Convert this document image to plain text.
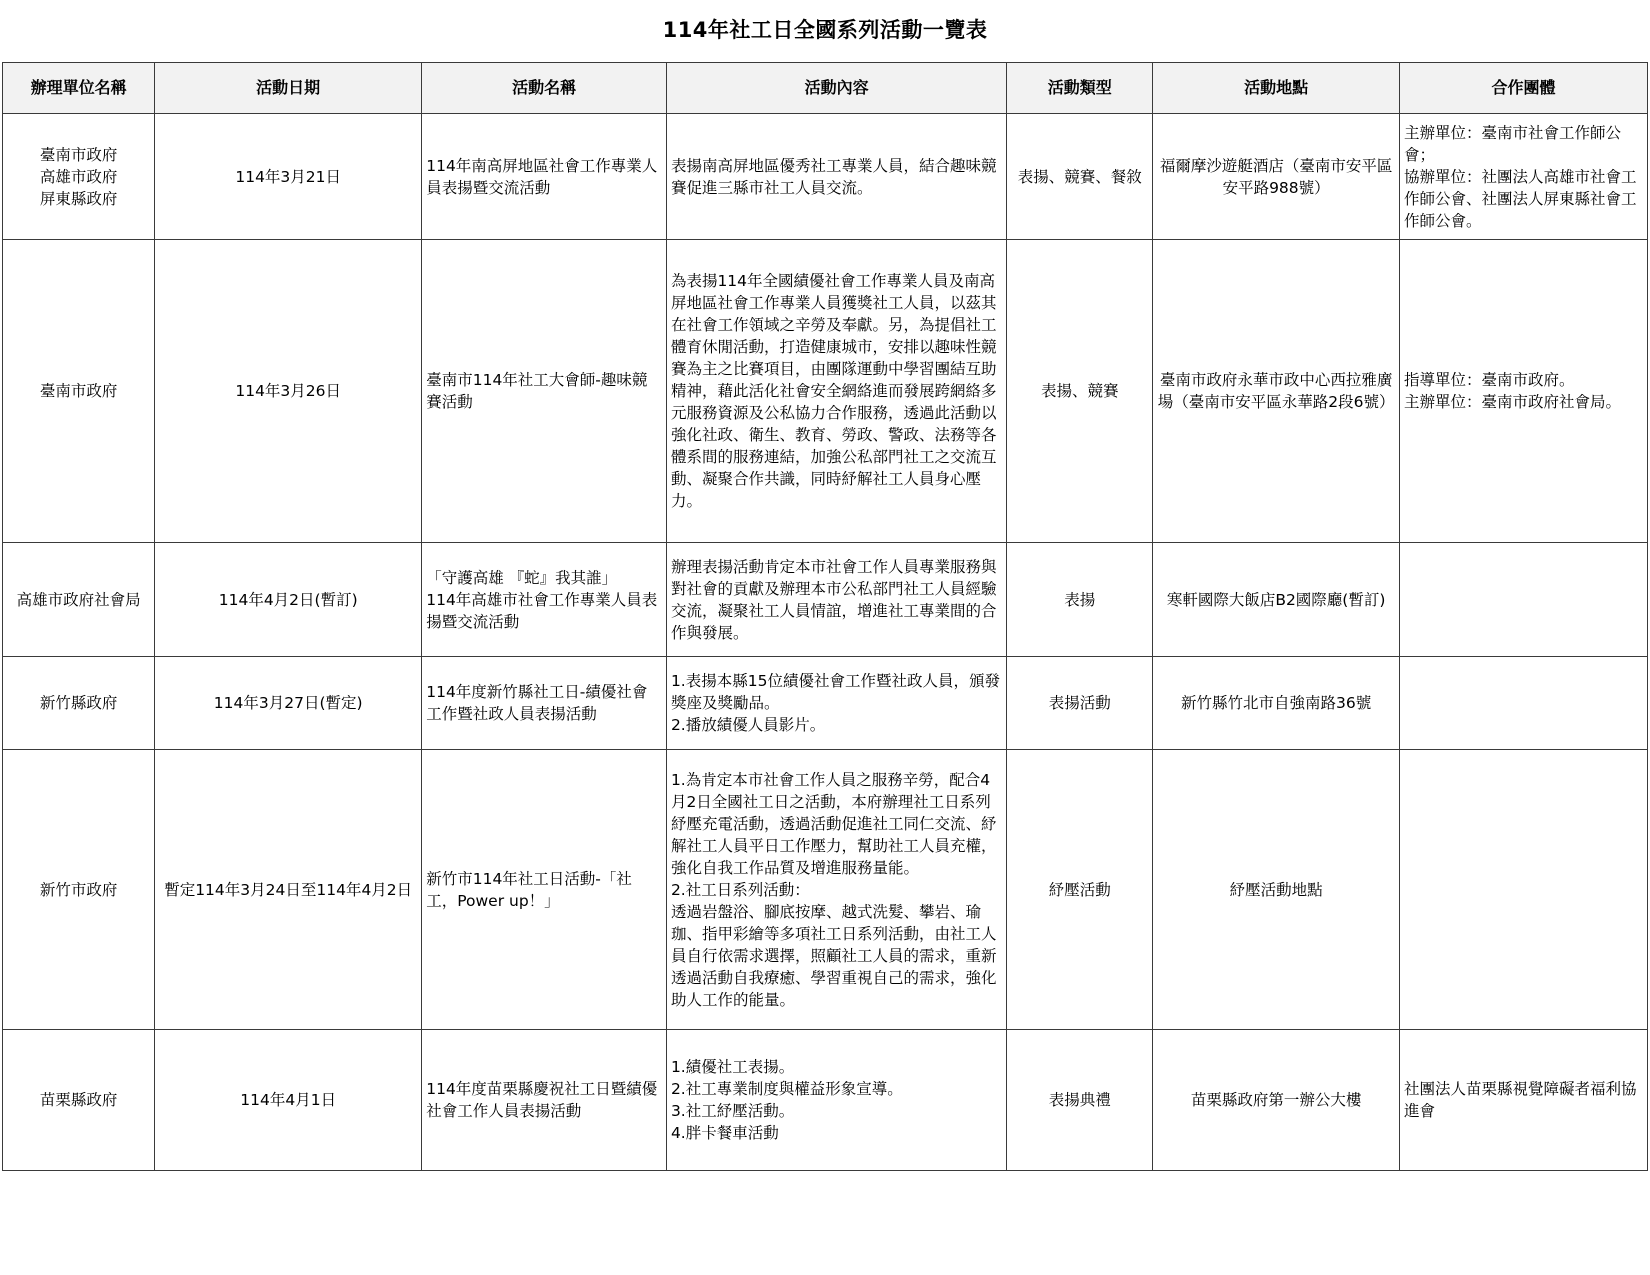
114年社工日全國系列活動一覽表
辦理單位名稱	活動日期	活動名稱	活動內容	活動類型	活動地點	合作團體
臺南市政府
高雄市政府
屏東縣政府	114年3月21日	114年南高屏地區社會工作專業人員表揚暨交流活動	表揚南高屏地區優秀社工專業人員，結合趣味競賽促進三縣市社工人員交流。	表揚、競賽、餐敘	福爾摩沙遊艇酒店（臺南市安平區安平路988號）	主辦單位：臺南市社會工作師公會；
協辦單位：社團法人高雄市社會工作師公會、社團法人屏東縣社會工作師公會。
臺南市政府	114年3月26日	臺南市114年社工大會師-趣味競賽活動	為表揚114年全國績優社會工作專業人員及南高屏地區社會工作專業人員獲獎社工人員，以茲其在社會工作領域之辛勞及奉獻。另，為提倡社工體育休閒活動，打造健康城市，安排以趣味性競賽為主之比賽項目，由團隊運動中學習團結互助精神，藉此活化社會安全網絡進而發展跨網絡多元服務資源及公私協力合作服務，透過此活動以強化社政、衛生、教育、勞政、警政、法務等各體系間的服務連結，加強公私部門社工之交流互動、凝聚合作共識，同時紓解社工人員身心壓力。	表揚、競賽	臺南市政府永華市政中心西拉雅廣場（臺南市安平區永華路2段6號）	指導單位：臺南市政府。
主辦單位：臺南市政府社會局。
高雄市政府社會局	114年4月2日(暫訂)	「守護高雄 『蛇』我其誰」
114年高雄市社會工作專業人員表揚暨交流活動	辦理表揚活動肯定本市社會工作人員專業服務與對社會的貢獻及辦理本市公私部門社工人員經驗交流，凝聚社工人員情誼，增進社工專業間的合作與發展。	表揚	寒軒國際大飯店B2國際廳(暫訂)	
新竹縣政府	114年3月27日(暫定)	114年度新竹縣社工日-績優社會工作暨社政人員表揚活動	1.表揚本縣15位績優社會工作暨社政人員，頒發獎座及獎勵品。
2.播放績優人員影片。	表揚活動	新竹縣竹北市自強南路36號	
新竹市政府	暫定114年3月24日至114年4月2日	新竹市114年社工日活動-「社工，Power up！」	1.為肯定本市社會工作人員之服務辛勞，配合4月2日全國社工日之活動，本府辦理社工日系列紓壓充電活動，透過活動促進社工同仁交流、紓解社工人員平日工作壓力，幫助社工人員充權，強化自我工作品質及增進服務量能。
2.社工日系列活動：
透過岩盤浴、腳底按摩、越式洗髮、攀岩、瑜珈、指甲彩繪等多項社工日系列活動，由社工人員自行依需求選擇，照顧社工人員的需求，重新透過活動自我療癒、學習重視自己的需求，強化助人工作的能量。	紓壓活動	紓壓活動地點	
苗栗縣政府	114年4月1日	114年度苗栗縣慶祝社工日暨績優社會工作人員表揚活動	1.績優社工表揚。
2.社工專業制度與權益形象宣導。
3.社工紓壓活動。
4.胖卡餐車活動	表揚典禮	苗栗縣政府第一辦公大樓	社團法人苗栗縣視覺障礙者福利協進會
